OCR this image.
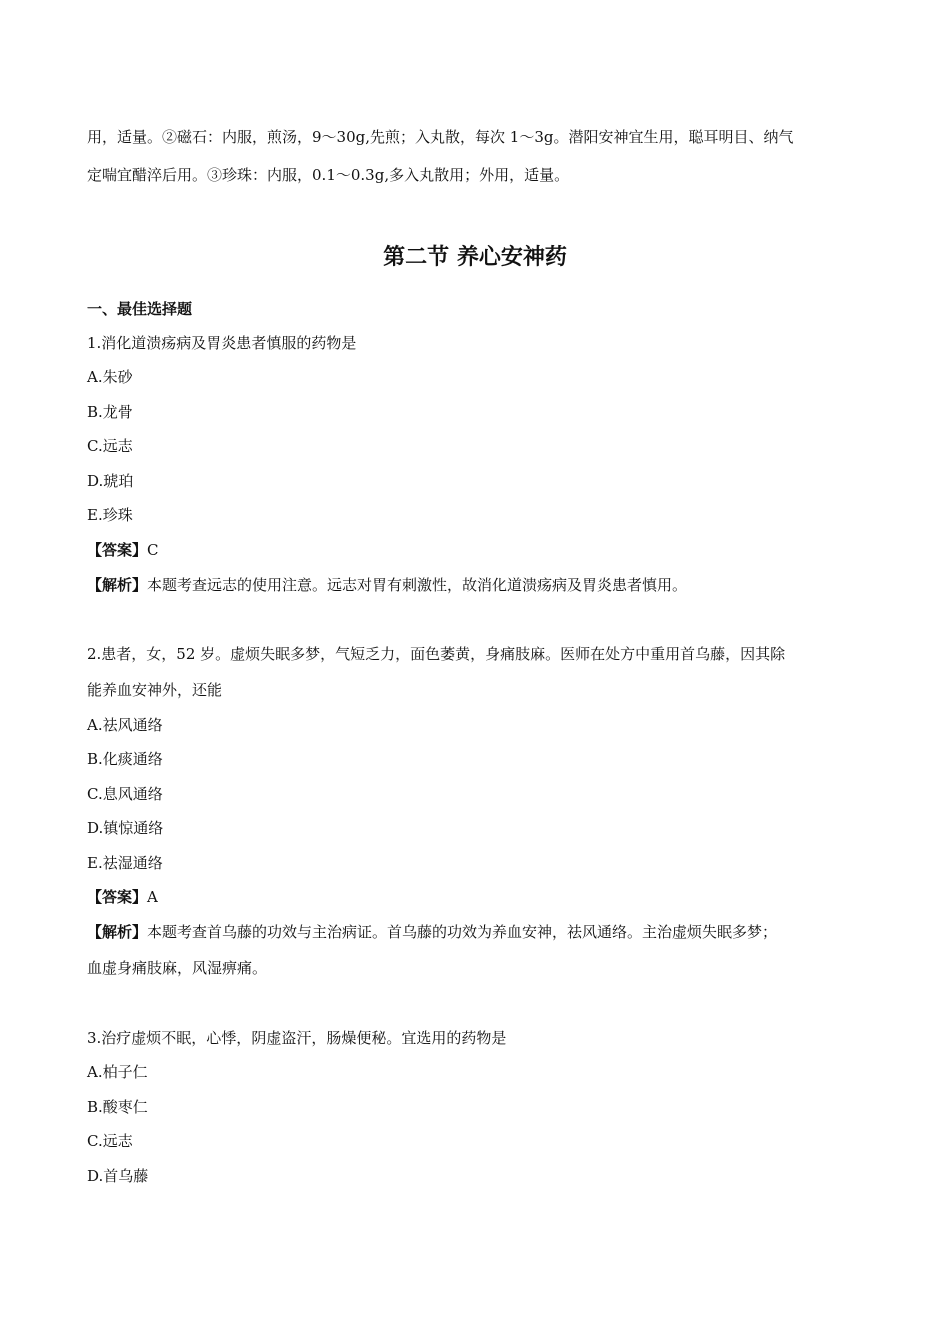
用，适量。②磁石：内服，煎汤，9～30g,先煎；入丸散，每次 1～3g。潜阳安神宜生用，聪耳明目、纳气
定喘宜醋淬后用。③珍珠：内服，0.1～0.3g,多入丸散用；外用，适量。
第二节 养心安神药
一、最佳选择题
1.消化道溃疡病及胃炎患者慎服的药物是
A.朱砂
B.龙骨
C.远志
D.琥珀
E.珍珠
【答案】C
【解析】本题考查远志的使用注意。远志对胃有刺激性，故消化道溃疡病及胃炎患者慎用。
2.患者，女，52 岁。虚烦失眠多梦，气短乏力，面色萎黄，身痛肢麻。医师在处方中重用首乌藤，因其除
能养血安神外，还能
A.祛风通络
B.化痰通络
C.息风通络
D.镇惊通络
E.祛湿通络
【答案】A
【解析】本题考查首乌藤的功效与主治病证。首乌藤的功效为养血安神，祛风通络。主治虚烦失眠多梦；
血虚身痛肢麻，风湿痹痛。
3.治疗虚烦不眠，心悸，阴虚盗汗，肠燥便秘。宜选用的药物是
A.柏子仁
B.酸枣仁
C.远志
D.首乌藤
